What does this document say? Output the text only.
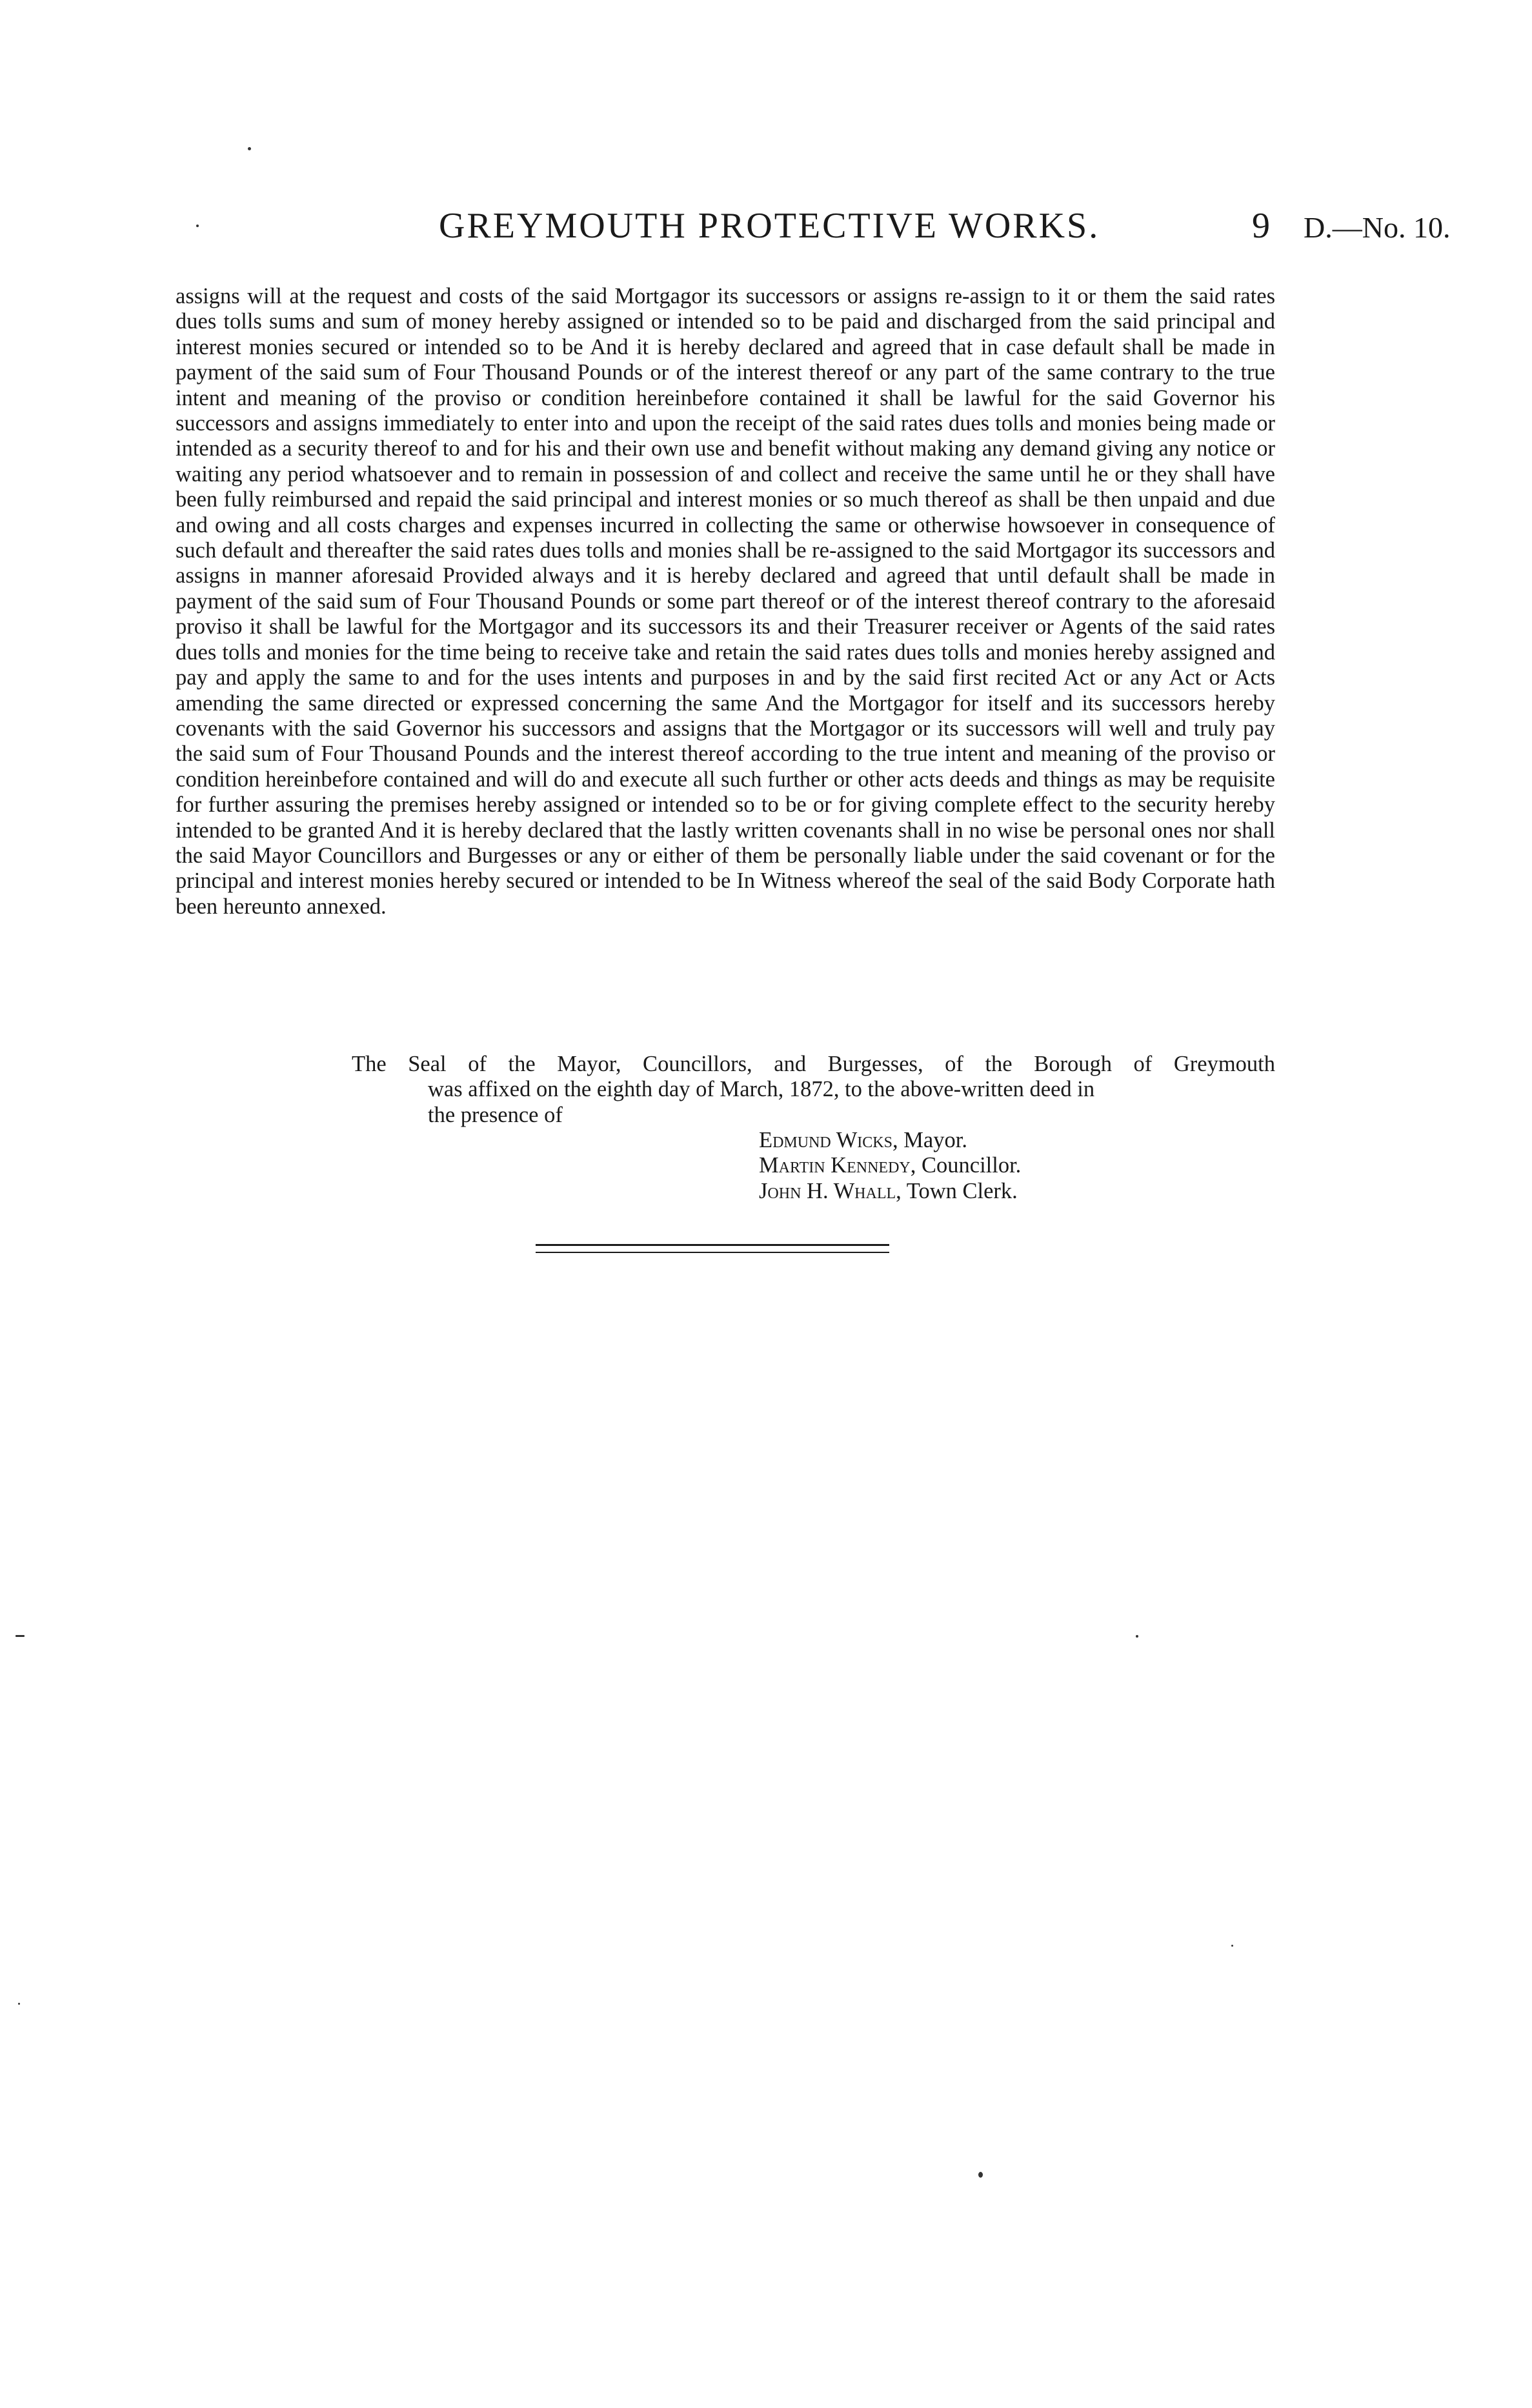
GREYMOUTH PROTECTIVE WORKS.	9 D.—No. 10.

assigns will at the request and costs of the said Mortgagor its successors or assigns re-assign to it or them the said rates dues tolls sums and sum of money hereby assigned or intended so to be paid and discharged from the said principal and interest monies secured or intended so to be And it is hereby declared and agreed that in case default shall be made in payment of the said sum of Four Thousand Pounds or of the interest thereof or any part of the same contrary to the true intent and meaning of the proviso or condition hereinbefore contained it shall be lawful for the said Governor his successors and assigns immediately to enter into and upon the receipt of the said rates dues tolls and monies being made or intended as a security thereof to and for his and their own use and benefit without making any demand giving any notice or waiting any period whatsoever and to remain in possession of and collect and receive the same until he or they shall have been fully reimbursed and repaid the said principal and interest monies or so much thereof as shall be then unpaid and due and owing and all costs charges and expenses incurred in collecting the same or otherwise howsoever in consequence of such default and thereafter the said rates dues tolls and monies shall be re-assigned to the said Mortgagor its successors and assigns in manner aforesaid Provided always and it is hereby declared and agreed that until default shall be made in payment of the said sum of Four Thousand Pounds or some part thereof or of the interest thereof contrary to the aforesaid proviso it shall be lawful for the Mortgagor and its successors its and their Treasurer receiver or Agents of the said rates dues tolls and monies for the time being to receive take and retain the said rates dues tolls and monies hereby assigned and pay and apply the same to and for the uses intents and purposes in and by the said first recited Act or any Act or Acts amending the same directed or expressed concerning the same And the Mortgagor for itself and its successors hereby covenants with the said Governor his successors and assigns that the Mortgagor or its successors will well and truly pay the said sum of Four Thousand Pounds and the interest thereof according to the true intent and meaning of the proviso or condition hereinbefore contained and will do and execute all such further or other acts deeds and things as may be requisite for further assuring the premises hereby assigned or intended so to be or for giving complete effect to the security hereby intended to be granted And it is hereby declared that the lastly written covenants shall in no wise be personal ones nor shall the said Mayor Councillors and Burgesses or any or either of them be personally liable under the said covenant or for the principal and interest monies hereby secured or intended to be In Witness whereof the seal of the said Body Corporate hath been hereunto annexed.

The Seal of the Mayor, Councillors, and Burgesses, of the Borough of Greymouth
was affixed on the eighth day of March, 1872, to the above-written deed in
the presence of
Edmund Wicks, Mayor.
Martin Kennedy, Councillor.
John H. Whall, Town Clerk.
